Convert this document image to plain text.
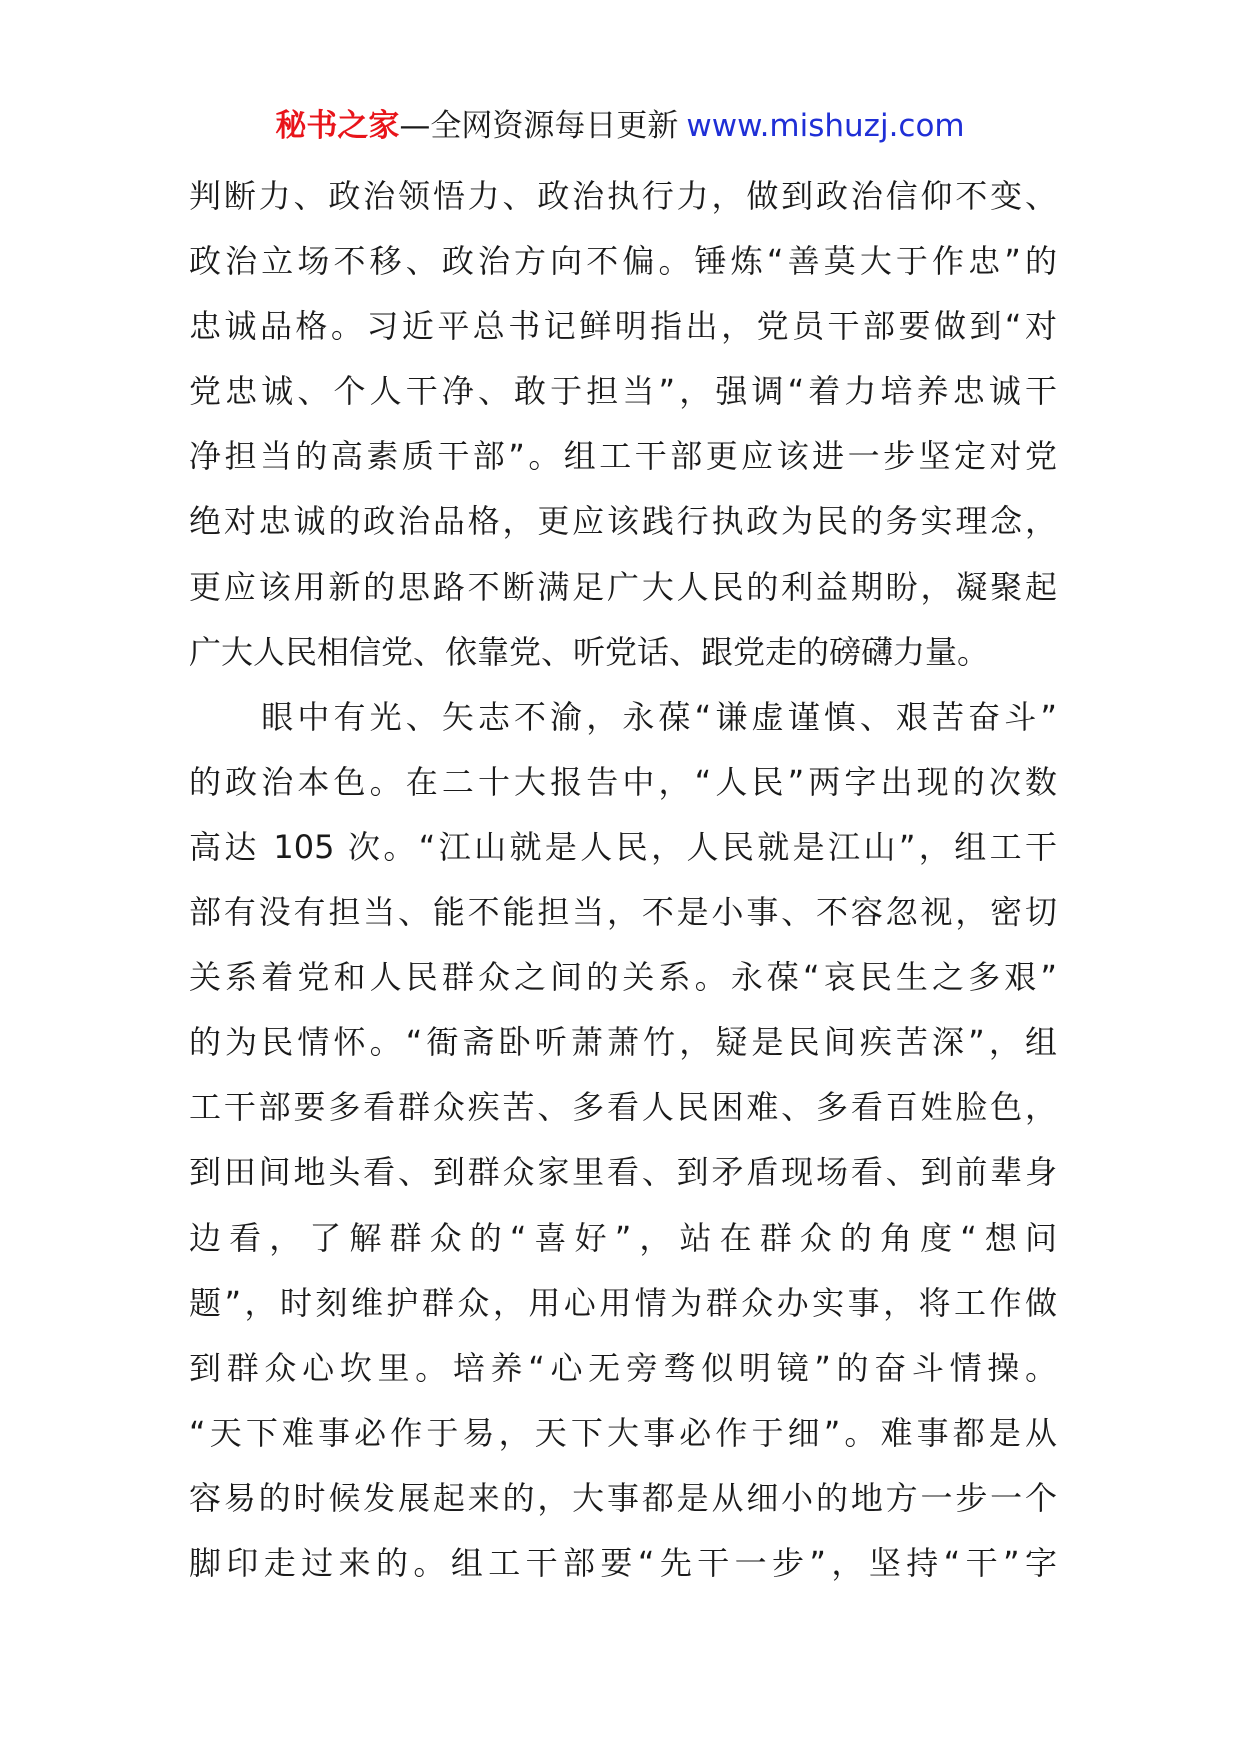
秘书之家—全网资源每日更新 www.mishuzj.com
判断力、政治领悟力、政治执行力，做到政治信仰不变、
政治立场不移、政治方向不偏。锤炼“善莫大于作忠”的
忠诚品格。习近平总书记鲜明指出，党员干部要做到“对
党忠诚、个人干净、敢于担当”，强调“着力培养忠诚干
净担当的高素质干部”。组工干部更应该进一步坚定对党
绝对忠诚的政治品格，更应该践行执政为民的务实理念，
更应该用新的思路不断满足广大人民的利益期盼，凝聚起
广大人民相信党、依靠党、听党话、跟党走的磅礴力量。
　　眼中有光、矢志不渝，永葆“谦虚谨慎、艰苦奋斗”
的政治本色。在二十大报告中，“人民”两字出现的次数
高达 105 次。“江山就是人民，人民就是江山”，组工干
部有没有担当、能不能担当，不是小事、不容忽视，密切
关系着党和人民群众之间的关系。永葆“哀民生之多艰”
的为民情怀。“衙斋卧听萧萧竹，疑是民间疾苦深”，组
工干部要多看群众疾苦、多看人民困难、多看百姓脸色，
到田间地头看、到群众家里看、到矛盾现场看、到前辈身
边看，了解群众的“喜好”，站在群众的角度“想问
题”，时刻维护群众，用心用情为群众办实事，将工作做
到群众心坎里。培养“心无旁骛似明镜”的奋斗情操。
“天下难事必作于易，天下大事必作于细”。难事都是从
容易的时候发展起来的，大事都是从细小的地方一步一个
脚印走过来的。组工干部要“先干一步”，坚持“干”字
